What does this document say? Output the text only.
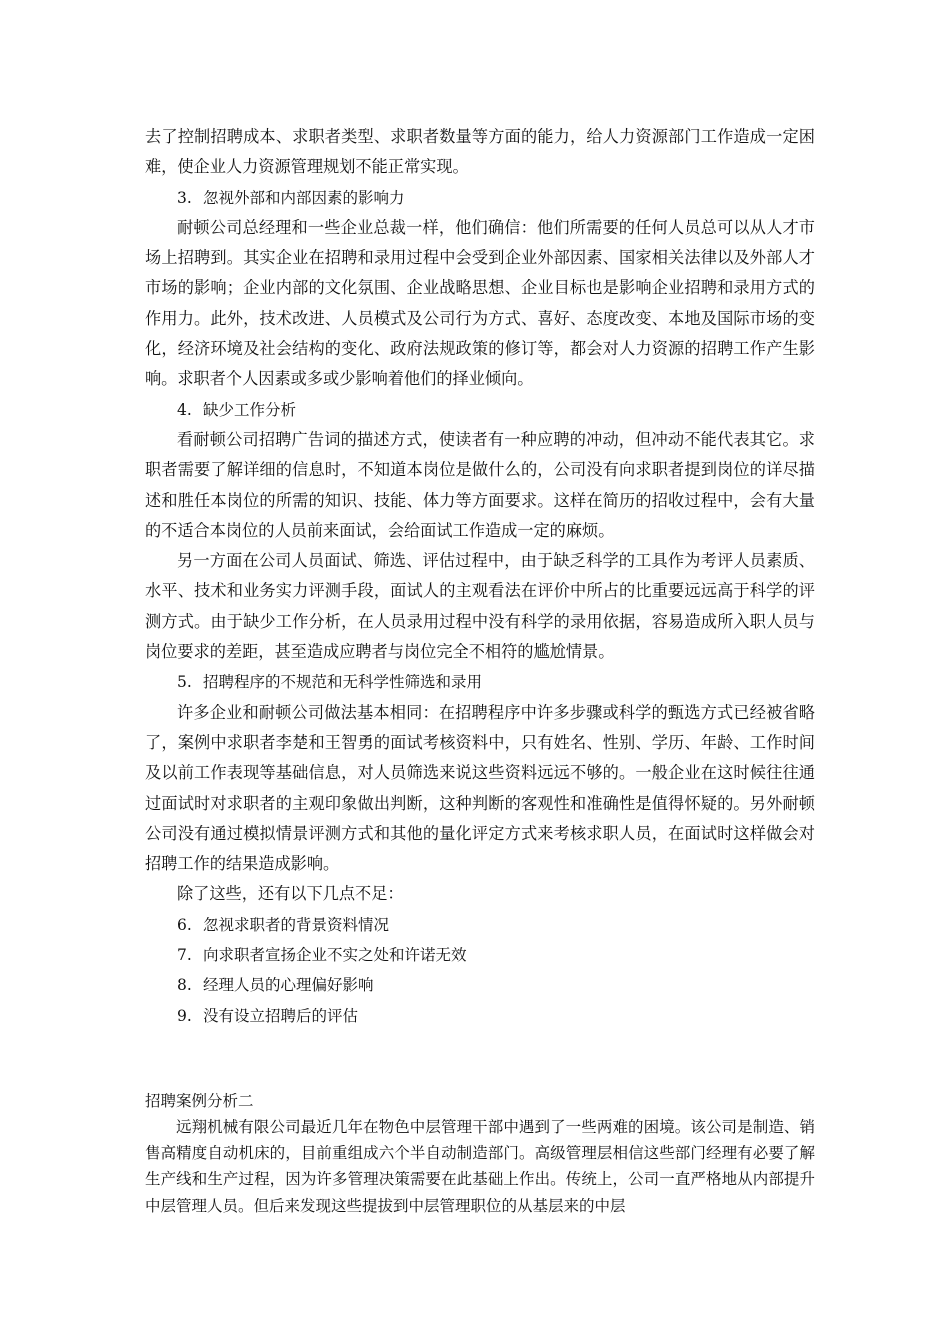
去了控制招聘成本、求职者类型、求职者数量等方面的能力，给人力资源部门工作造成一定困难，使企业人力资源管理规划不能正常实现。

3. 忽视外部和内部因素的影响力

耐顿公司总经理和一些企业总裁一样，他们确信：他们所需要的任何人员总可以从人才市场上招聘到。其实企业在招聘和录用过程中会受到企业外部因素、国家相关法律以及外部人才市场的影响；企业内部的文化氛围、企业战略思想、企业目标也是影响企业招聘和录用方式的作用力。此外，技术改进、人员模式及公司行为方式、喜好、态度改变、本地及国际市场的变化，经济环境及社会结构的变化、政府法规政策的修订等，都会对人力资源的招聘工作产生影响。求职者个人因素或多或少影响着他们的择业倾向。

4. 缺少工作分析

看耐顿公司招聘广告词的描述方式，使读者有一种应聘的冲动，但冲动不能代表其它。求职者需要了解详细的信息时，不知道本岗位是做什么的，公司没有向求职者提到岗位的详尽描述和胜任本岗位的所需的知识、技能、体力等方面要求。这样在简历的招收过程中，会有大量的不适合本岗位的人员前来面试，会给面试工作造成一定的麻烦。

另一方面在公司人员面试、筛选、评估过程中，由于缺乏科学的工具作为考评人员素质、水平、技术和业务实力评测手段，面试人的主观看法在评价中所占的比重要远远高于科学的评测方式。由于缺少工作分析，在人员录用过程中没有科学的录用依据，容易造成所入职人员与岗位要求的差距，甚至造成应聘者与岗位完全不相符的尴尬情景。

5. 招聘程序的不规范和无科学性筛选和录用

许多企业和耐顿公司做法基本相同：在招聘程序中许多步骤或科学的甄选方式已经被省略了，案例中求职者李楚和王智勇的面试考核资料中，只有姓名、性别、学历、年龄、工作时间及以前工作表现等基础信息，对人员筛选来说这些资料远远不够的。一般企业在这时候往往通过面试时对求职者的主观印象做出判断，这种判断的客观性和准确性是值得怀疑的。另外耐顿公司没有通过模拟情景评测方式和其他的量化评定方式来考核求职人员，在面试时这样做会对招聘工作的结果造成影响。

除了这些，还有以下几点不足：

6. 忽视求职者的背景资料情况

7. 向求职者宣扬企业不实之处和许诺无效

8. 经理人员的心理偏好影响

9. 没有设立招聘后的评估

招聘案例分析二

远翔机械有限公司最近几年在物色中层管理干部中遇到了一些两难的困境。该公司是制造、销售高精度自动机床的，目前重组成六个半自动制造部门。高级管理层相信这些部门经理有必要了解生产线和生产过程，因为许多管理决策需要在此基础上作出。传统上，公司一直严格地从内部提升中层管理人员。但后来发现这些提拔到中层管理职位的从基层来的中层
